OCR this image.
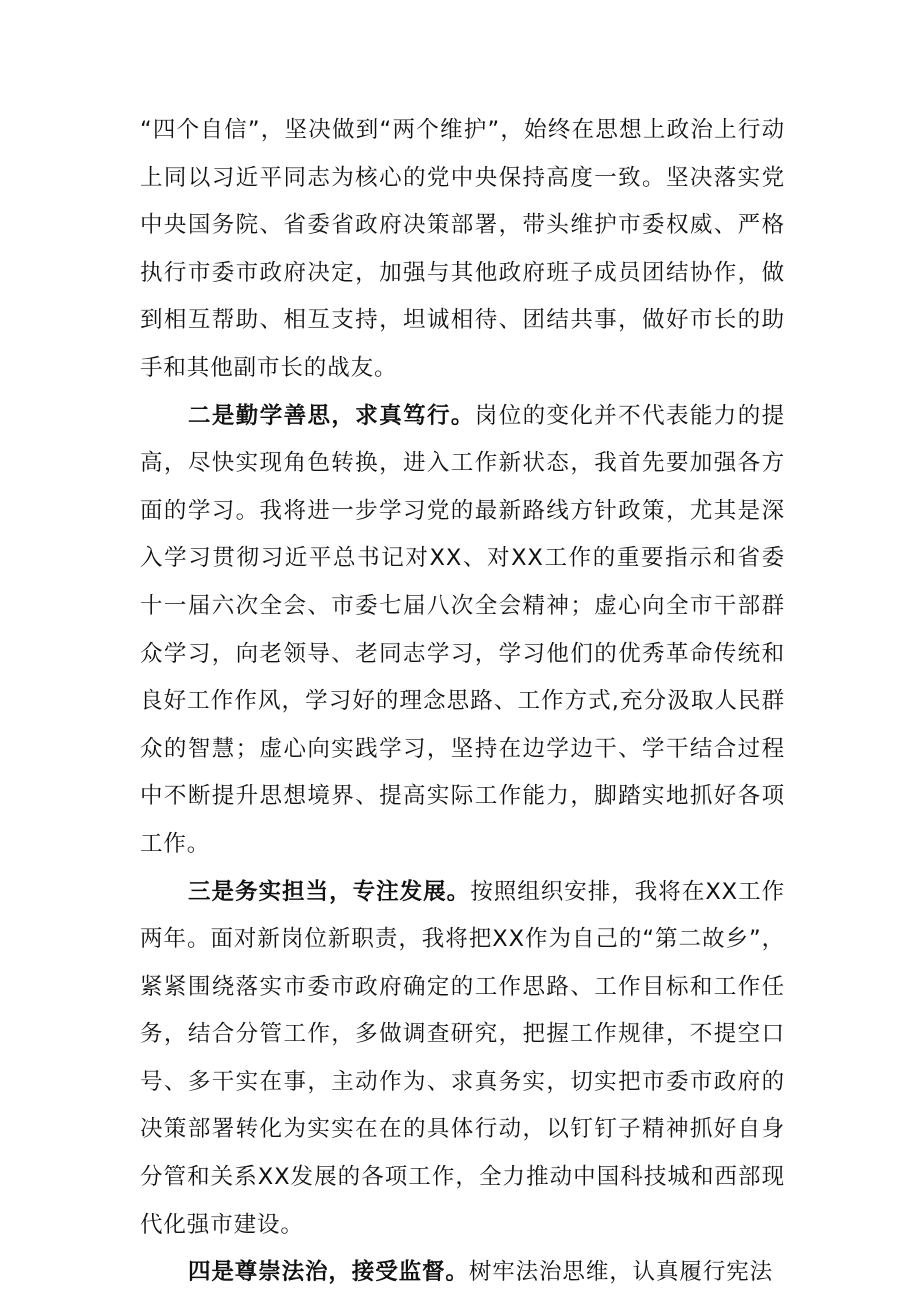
“四个自信”，坚决做到“两个维护”，始终在思想上政治上行动上同以习近平同志为核心的党中央保持高度一致。坚决落实党中央国务院、省委省政府决策部署，带头维护市委权威、严格执行市委市政府决定，加强与其他政府班子成员团结协作，做到相互帮助、相互支持，坦诚相待、团结共事，做好市长的助手和其他副市长的战友。

二是勤学善思，求真笃行。岗位的变化并不代表能力的提高，尽快实现角色转换，进入工作新状态，我首先要加强各方面的学习。我将进一步学习党的最新路线方针政策，尤其是深入学习贯彻习近平总书记对XX、对XX工作的重要指示和省委十一届六次全会、市委七届八次全会精神；虚心向全市干部群众学习，向老领导、老同志学习，学习他们的优秀革命传统和良好工作作风，学习好的理念思路、工作方式,充分汲取人民群众的智慧；虚心向实践学习，坚持在边学边干、学干结合过程中不断提升思想境界、提高实际工作能力，脚踏实地抓好各项工作。

三是务实担当，专注发展。按照组织安排，我将在XX工作两年。面对新岗位新职责，我将把XX作为自己的“第二故乡”，紧紧围绕落实市委市政府确定的工作思路、工作目标和工作任务，结合分管工作，多做调查研究，把握工作规律，不提空口号、多干实在事，主动作为、求真务实，切实把市委市政府的决策部署转化为实实在在的具体行动，以钉钉子精神抓好自身分管和关系XX发展的各项工作，全力推动中国科技城和西部现代化强市建设。

四是尊崇法治，接受监督。树牢法治思维，认真履行宪法
